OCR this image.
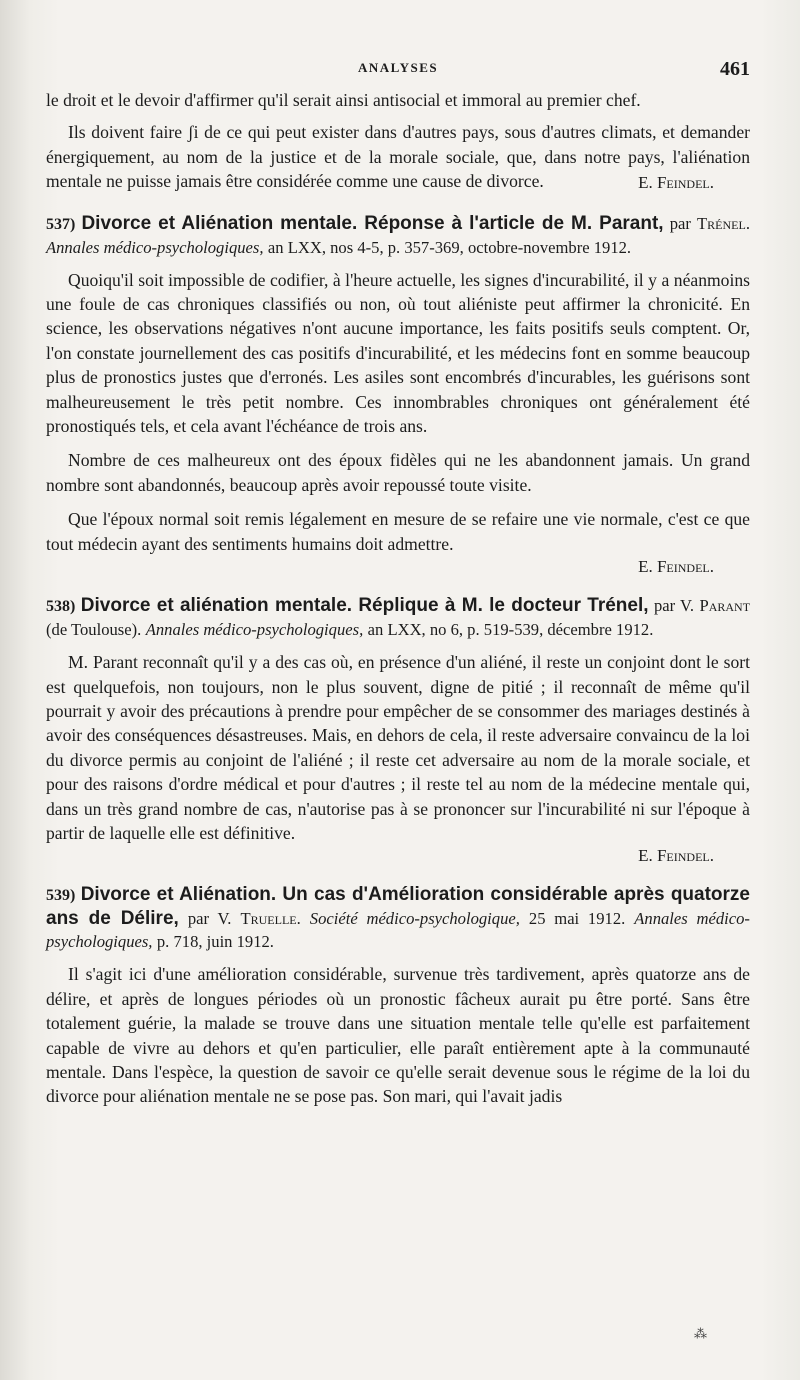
ANALYSES	461

le droit et le devoir d'affirmer qu'il serait ainsi antisocial et immoral au premier chef.

Ils doivent faire ʃi de ce qui peut exister dans d'autres pays, sous d'autres climats, et demander énergiquement, au nom de la justice et de la morale sociale, que, dans notre pays, l'aliénation mentale ne puisse jamais être considérée comme une cause de divorce.	E. Feindel.

537) Divorce et Aliénation mentale. Réponse à l'article de M. Parant, par Trénel. Annales médico-psychologiques, an LXX, nos 4-5, p. 357-369, octobre-novembre 1912.

Quoiqu'il soit impossible de codifier, à l'heure actuelle, les signes d'incurabilité, il y a néanmoins une foule de cas chroniques classifiés ou non, où tout aliéniste peut affirmer la chronicité. En science, les observations négatives n'ont aucune importance, les faits positifs seuls comptent. Or, l'on constate journellement des cas positifs d'incurabilité, et les médecins font en somme beaucoup plus de pronostics justes que d'erronés. Les asiles sont encombrés d'incurables, les guérisons sont malheureusement le très petit nombre. Ces innombrables chroniques ont généralement été pronostiqués tels, et cela avant l'échéance de trois ans.

Nombre de ces malheureux ont des époux fidèles qui ne les abandonnent jamais. Un grand nombre sont abandonnés, beaucoup après avoir repoussé toute visite.

Que l'époux normal soit remis légalement en mesure de se refaire une vie normale, c'est ce que tout médecin ayant des sentiments humains doit admettre.

E. Feindel.

538) Divorce et aliénation mentale. Réplique à M. le docteur Trénel, par V. Parant (de Toulouse). Annales médico-psychologiques, an LXX, no 6, p. 519-539, décembre 1912.

M. Parant reconnaît qu'il y a des cas où, en présence d'un aliéné, il reste un conjoint dont le sort est quelquefois, non toujours, non le plus souvent, digne de pitié ; il reconnaît de même qu'il pourrait y avoir des précautions à prendre pour empêcher de se consommer des mariages destinés à avoir des conséquences désastreuses. Mais, en dehors de cela, il reste adversaire convaincu de la loi du divorce permis au conjoint de l'aliéné ; il reste cet adversaire au nom de la morale sociale, et pour des raisons d'ordre médical et pour d'autres ; il reste tel au nom de la médecine mentale qui, dans un très grand nombre de cas, n'autorise pas à se prononcer sur l'incurabilité ni sur l'époque à partir de laquelle elle est définitive.

E. Feindel.

539) Divorce et Aliénation. Un cas d'Amélioration considérable après quatorze ans de Délire, par V. Truelle. Société médico-psychologique, 25 mai 1912. Annales médico-psychologiques, p. 718, juin 1912.

Il s'agit ici d'une amélioration considérable, survenue très tardivement, après quatorze ans de délire, et après de longues périodes où un pronostic fâcheux aurait pu être porté. Sans être totalement guérie, la malade se trouve dans une situation mentale telle qu'elle est parfaitement capable de vivre au dehors et qu'en particulier, elle paraît entièrement apte à la communauté mentale. Dans l'espèce, la question de savoir ce qu'elle serait devenue sous le régime de la loi du divorce pour aliénation mentale ne se pose pas. Son mari, qui l'avait jadis

⁂
